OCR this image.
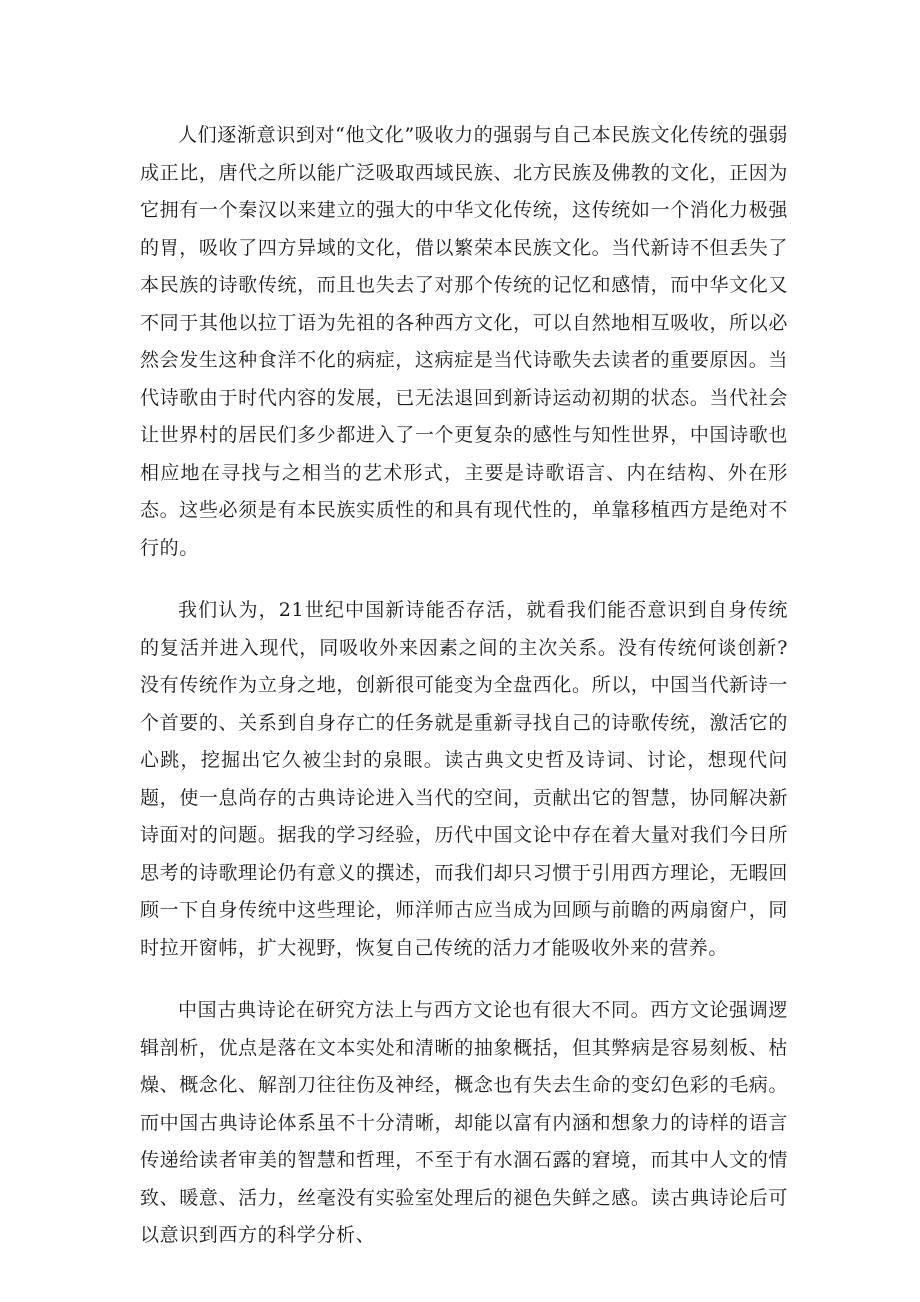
人们逐渐意识到对“他文化”吸收力的强弱与自己本民族文化传统的强弱成正比，唐代之所以能广泛吸取西域民族、北方民族及佛教的文化，正因为它拥有一个秦汉以来建立的强大的中华文化传统，这传统如一个消化力极强的胃，吸收了四方异域的文化，借以繁荣本民族文化。当代新诗不但丢失了本民族的诗歌传统，而且也失去了对那个传统的记忆和感情，而中华文化又不同于其他以拉丁语为先祖的各种西方文化，可以自然地相互吸收，所以必然会发生这种食洋不化的病症，这病症是当代诗歌失去读者的重要原因。当代诗歌由于时代内容的发展，已无法退回到新诗运动初期的状态。当代社会让世界村的居民们多少都进入了一个更复杂的感性与知性世界，中国诗歌也相应地在寻找与之相当的艺术形式，主要是诗歌语言、内在结构、外在形态。这些必须是有本民族实质性的和具有现代性的，单靠移植西方是绝对不行的。

我们认为，21世纪中国新诗能否存活，就看我们能否意识到自身传统的复活并进入现代，同吸收外来因素之间的主次关系。没有传统何谈创新?没有传统作为立身之地，创新很可能变为全盘西化。所以，中国当代新诗一个首要的、关系到自身存亡的任务就是重新寻找自己的诗歌传统，激活它的心跳，挖掘出它久被尘封的泉眼。读古典文史哲及诗词、讨论，想现代问题，使一息尚存的古典诗论进入当代的空间，贡献出它的智慧，协同解决新诗面对的问题。据我的学习经验，历代中国文论中存在着大量对我们今日所思考的诗歌理论仍有意义的撰述，而我们却只习惯于引用西方理论，无暇回顾一下自身传统中这些理论，师洋师古应当成为回顾与前瞻的两扇窗户，同时拉开窗帏，扩大视野，恢复自己传统的活力才能吸收外来的营养。

中国古典诗论在研究方法上与西方文论也有很大不同。西方文论强调逻辑剖析，优点是落在文本实处和清晰的抽象概括，但其弊病是容易刻板、枯燥、概念化、解剖刀往往伤及神经，概念也有失去生命的变幻色彩的毛病。而中国古典诗论体系虽不十分清晰，却能以富有内涵和想象力的诗样的语言传递给读者审美的智慧和哲理，不至于有水涸石露的窘境，而其中人文的情致、暖意、活力，丝毫没有实验室处理后的褪色失鲜之感。读古典诗论后可以意识到西方的科学分析、
